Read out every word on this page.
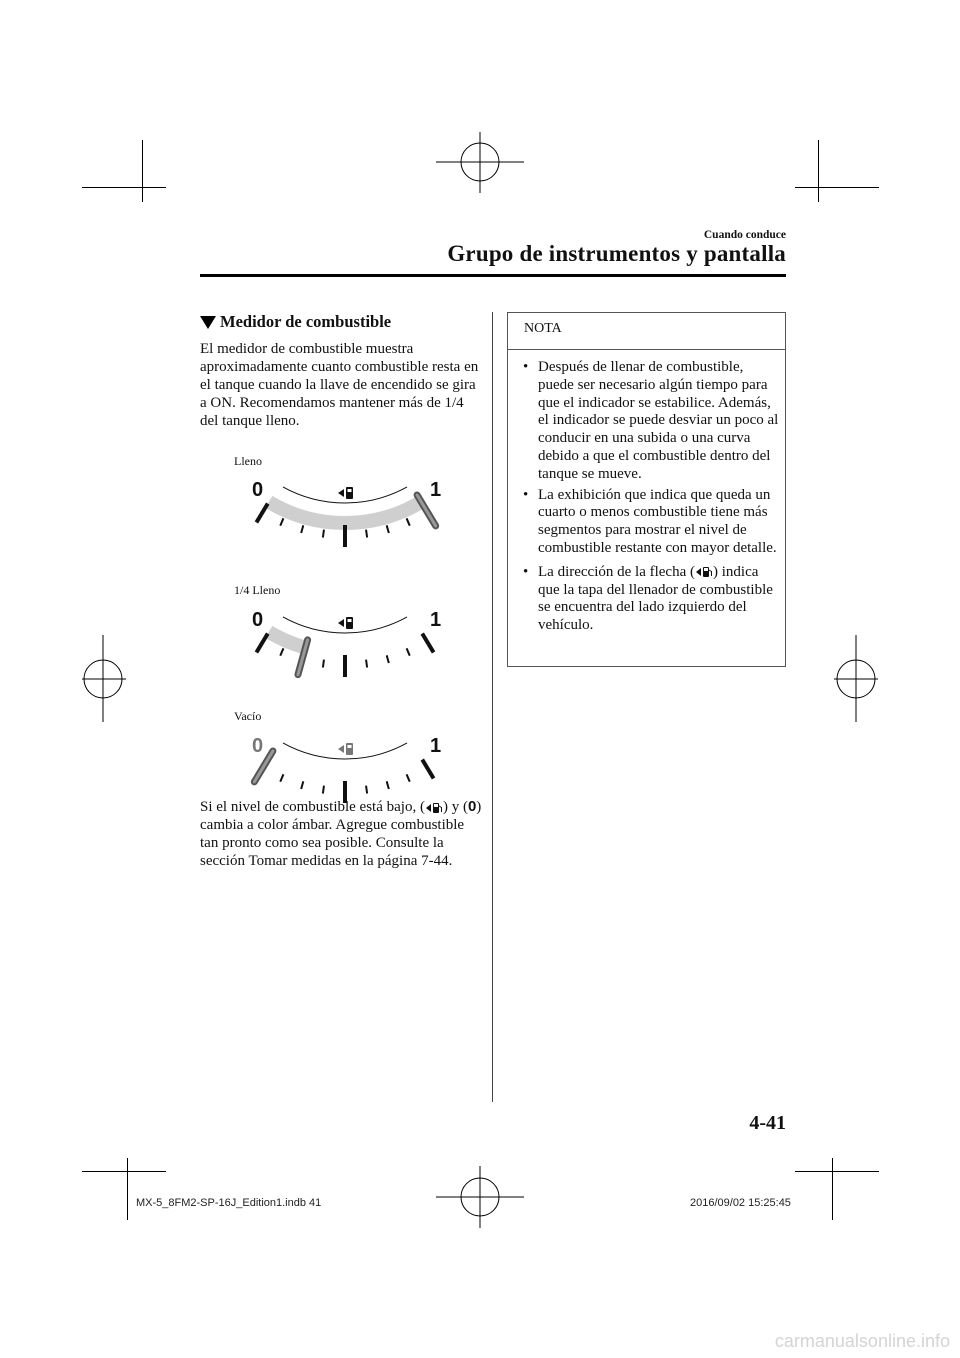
Cuando conduce
Grupo de instrumentos y pantalla
Medidor de combustible
El medidor de combustible muestra aproximadamente cuanto combustible resta en el tanque cuando la llave de encendido se gira a ON. Recomendamos mantener más de 1/4 del tanque lleno.
Lleno
0	1
1/4 Lleno
0	1
Vacío
0	1
Si el nivel de combustible está bajo, ( ) y (0) cambia a color ámbar. Agregue combustible tan pronto como sea posible. Consulte la sección Tomar medidas en la página 7-44.
NOTA
• Después de llenar de combustible, puede ser necesario algún tiempo para que el indicador se estabilice. Además, el indicador se puede desviar un poco al conducir en una subida o una curva debido a que el combustible dentro del tanque se mueve.
• La exhibición que indica que queda un cuarto o menos combustible tiene más segmentos para mostrar el nivel de combustible restante con mayor detalle.
• La dirección de la flecha ( ) indica que la tapa del llenador de combustible se encuentra del lado izquierdo del vehículo.
4-41
MX-5_8FM2-SP-16J_Edition1.indb 41	2016/09/02 15:25:45
carmanualsonline.info
